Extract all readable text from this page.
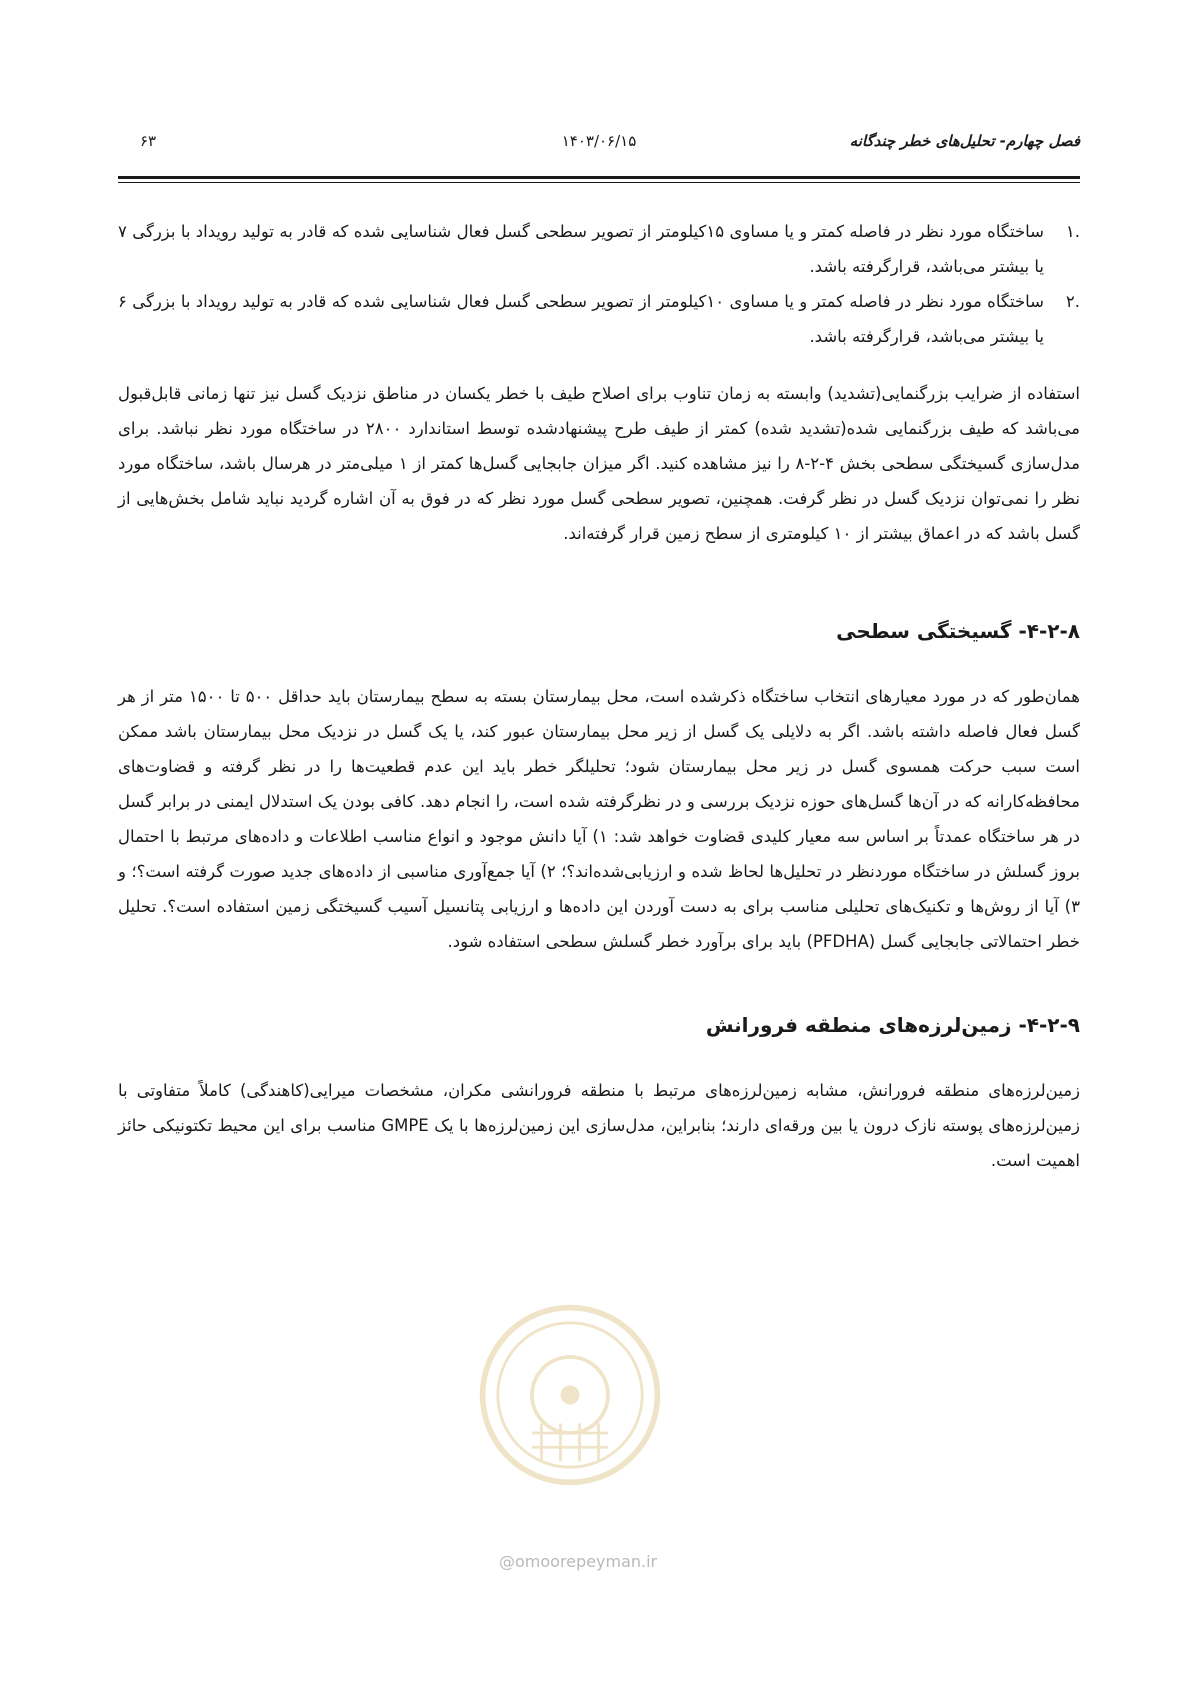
فصل چهارم- تحلیل‌های خطر چندگانه
۱۴۰۳/۰۶/۱۵
۶۳
.۱
ساختگاه مورد نظر در فاصله کمتر و یا مساوی ۱۵کیلومتر از تصویر سطحی گسل فعال شناسایی شده که قادر به تولید رویداد با بزرگی ۷ یا بیشتر می‌باشد، قرارگرفته باشد.
.۲
ساختگاه مورد نظر در فاصله کمتر و یا مساوی ۱۰کیلومتر از تصویر سطحی گسل فعال شناسایی شده که قادر به تولید رویداد با بزرگی ۶ یا بیشتر می‌باشد، قرارگرفته باشد.

استفاده از ضرایب بزرگنمایی(تشدید) وابسته به زمان تناوب برای اصلاح طیف با خطر یکسان در مناطق نزدیک گسل نیز تنها زمانی قابل‌قبول می‌باشد که طیف بزرگنمایی شده(تشدید شده) کمتر از طیف طرح پیشنهادشده توسط استاندارد ۲۸۰۰ در ساختگاه مورد نظر نباشد. برای مدل‌سازی گسیختگی سطحی بخش ۴-۲-۸ را نیز مشاهده کنید. اگر میزان جابجایی گسل‌ها کمتر از ۱ میلی‌متر در هرسال باشد، ساختگاه مورد نظر را نمی‌توان نزدیک گسل در نظر گرفت. همچنین، تصویر سطحی گسل مورد نظر که در فوق به آن اشاره گردید نباید شامل بخش‌هایی از گسل باشد که در اعماق بیشتر از ۱۰ کیلومتری از سطح زمین قرار گرفته‌اند.

۴-۲-۸- گسیختگی سطحی

همان‌طور که در مورد معیارهای انتخاب ساختگاه ذکرشده است، محل بیمارستان بسته به سطح بیمارستان باید حداقل ۵۰۰ تا ۱۵۰۰ متر از هر گسل فعال فاصله داشته باشد. اگر به دلایلی یک گسل از زیر محل بیمارستان عبور کند، یا یک گسل در نزدیک محل بیمارستان باشد ممکن است سبب حرکت همسوی گسل در زیر محل بیمارستان شود؛ تحلیلگر خطر باید این عدم قطعیت‌ها را در نظر گرفته و قضاوت‌های محافظه‌کارانه که در آن‌ها گسل‌های حوزه نزدیک بررسی و در نظرگرفته شده است، را انجام دهد. کافی بودن یک استدلال ایمنی در برابر گسل در هر ساختگاه عمدتاً بر اساس سه معیار کلیدی قضاوت خواهد شد: ۱) آیا دانش موجود و انواع مناسب اطلاعات و داده‌های مرتبط با احتمال بروز گسلش در ساختگاه موردنظر در تحلیل‌ها لحاظ شده و ارزیابی‌شده‌اند؟؛ ۲) آیا جمع‌آوری مناسبی از داده‌های جدید صورت گرفته است؟؛ و ۳) آیا از روش‌ها و تکنیک‌های تحلیلی مناسب برای به دست آوردن این داده‌ها و ارزیابی پتانسیل آسیب گسیختگی زمین استفاده است؟. تحلیل خطر احتمالاتی جابجایی گسل (PFDHA) باید برای برآورد خطر گسلش سطحی استفاده شود.

۴-۲-۹- زمین‌لرزه‌های منطقه فرورانش

زمین‌لرزه‌های منطقه فرورانش، مشابه زمین‌لرزه‌های مرتبط با منطقه فرورانشی مکران، مشخصات میرایی(کاهندگی) کاملاً متفاوتی با زمین‌لرزه‌های پوسته نازک درون یا بین ورقه‌ای دارند؛ بنابراین، مدل‌سازی این زمین‌لرزه‌ها با یک GMPE مناسب برای این محیط تکتونیکی حائز اهمیت است.

@omoorepeyman.ir
